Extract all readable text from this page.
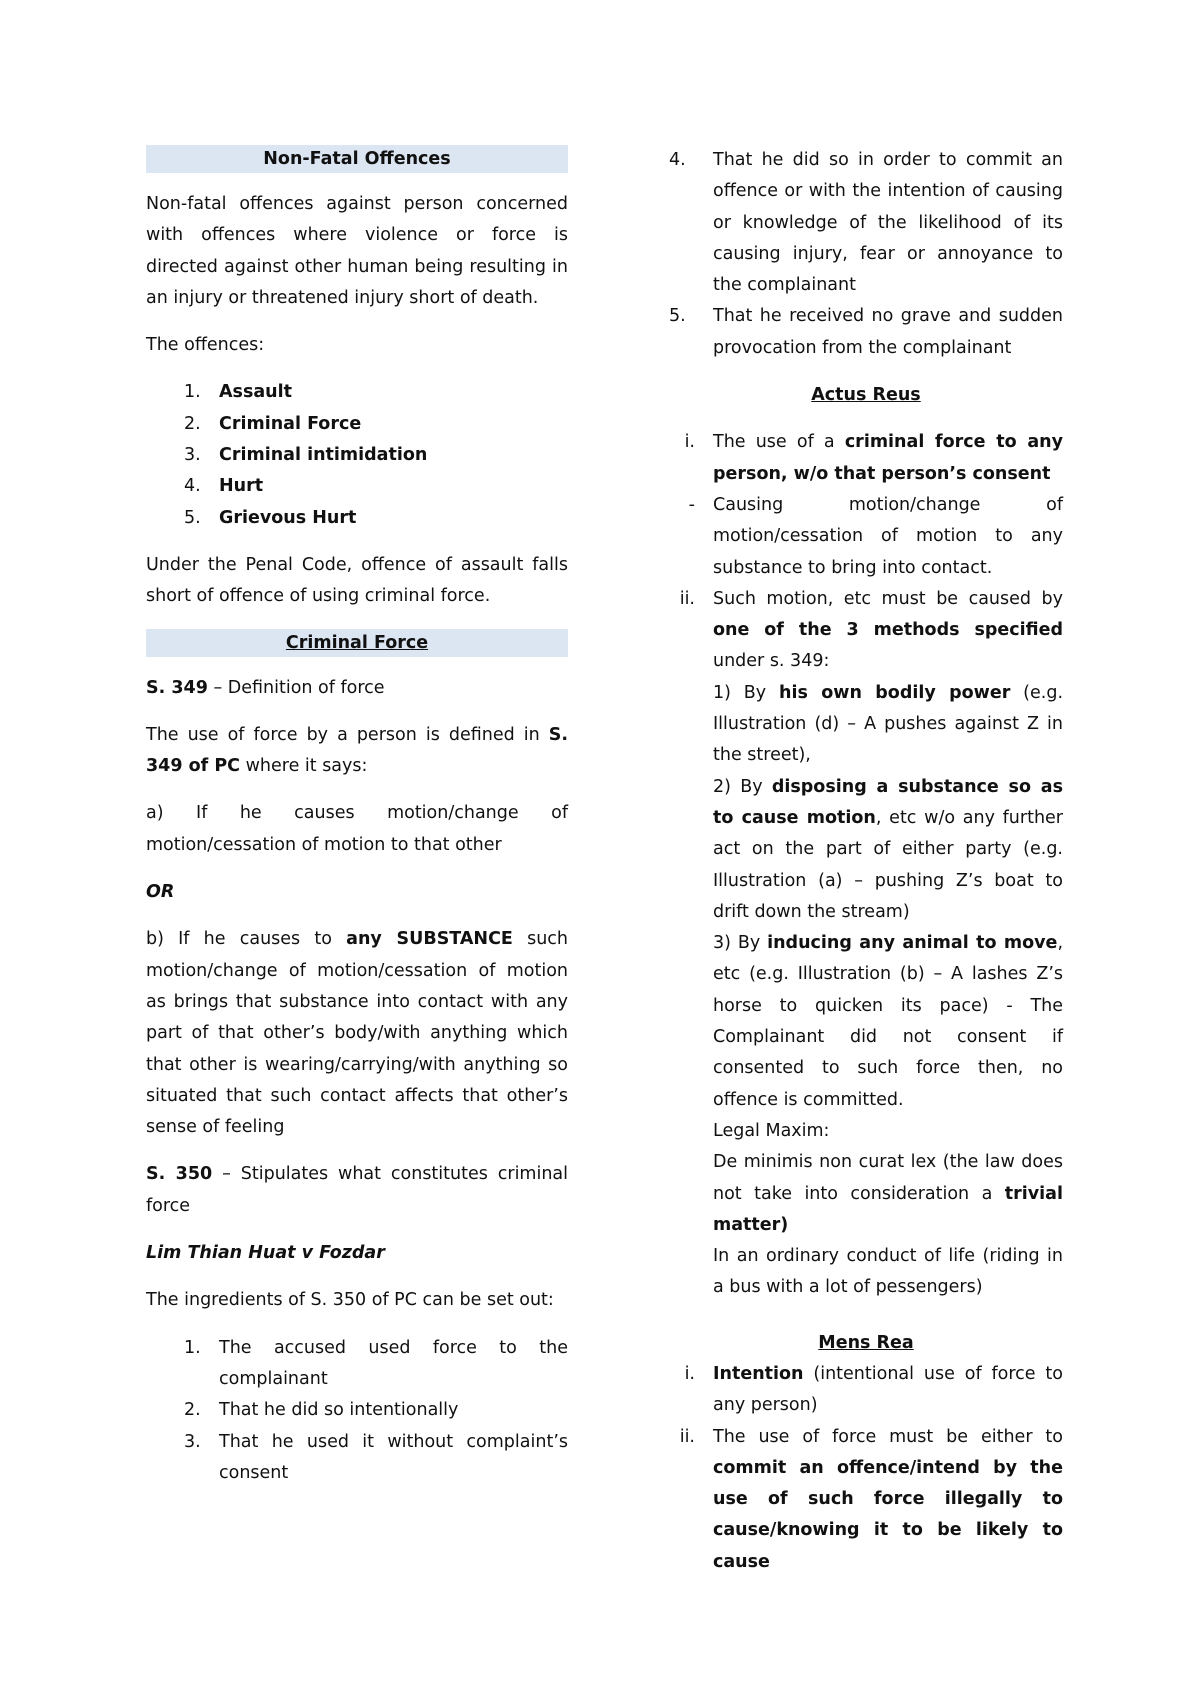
Non-Fatal Offences

Non-fatal offences against person concerned with offences where violence or force is directed against other human being resulting in an injury or threatened injury short of death.

The offences:

1. Assault
2. Criminal Force
3. Criminal intimidation
4. Hurt
5. Grievous Hurt

Under the Penal Code, offence of assault falls short of offence of using criminal force.

Criminal Force

S. 349 – Definition of force

The use of force by a person is defined in S. 349 of PC where it says:

a) If he causes motion/change of motion/cessation of motion to that other

OR

b) If he causes to any SUBSTANCE such motion/change of motion/cessation of motion as brings that substance into contact with any part of that other’s body/with anything which that other is wearing/carrying/with anything so situated that such contact affects that other’s sense of feeling

S. 350 – Stipulates what constitutes criminal force

Lim Thian Huat v Fozdar

The ingredients of S. 350 of PC can be set out:

1. The accused used force to the complainant
2. That he did so intentionally
3. That he used it without complaint’s consent
4. That he did so in order to commit an offence or with the intention of causing or knowledge of the likelihood of its causing injury, fear or annoyance to the complainant
5. That he received no grave and sudden provocation from the complainant

Actus Reus

i. The use of a criminal force to any person, w/o that person’s consent
- Causing motion/change of motion/cessation of motion to any substance to bring into contact.
ii. Such motion, etc must be caused by one of the 3 methods specified under s. 349:
1) By his own bodily power (e.g. Illustration (d) – A pushes against Z in the street),
2) By disposing a substance so as to cause motion, etc w/o any further act on the part of either party (e.g. Illustration (a) – pushing Z’s boat to drift down the stream)
3) By inducing any animal to move, etc (e.g. Illustration (b) – A lashes Z’s horse to quicken its pace) - The Complainant did not consent if consented to such force then, no offence is committed.
Legal Maxim:
De minimis non curat lex (the law does not take into consideration a trivial matter)
In an ordinary conduct of life (riding in a bus with a lot of pessengers)

Mens Rea

i. Intention (intentional use of force to any person)
ii. The use of force must be either to commit an offence/intend by the use of such force illegally to cause/knowing it to be likely to cause
